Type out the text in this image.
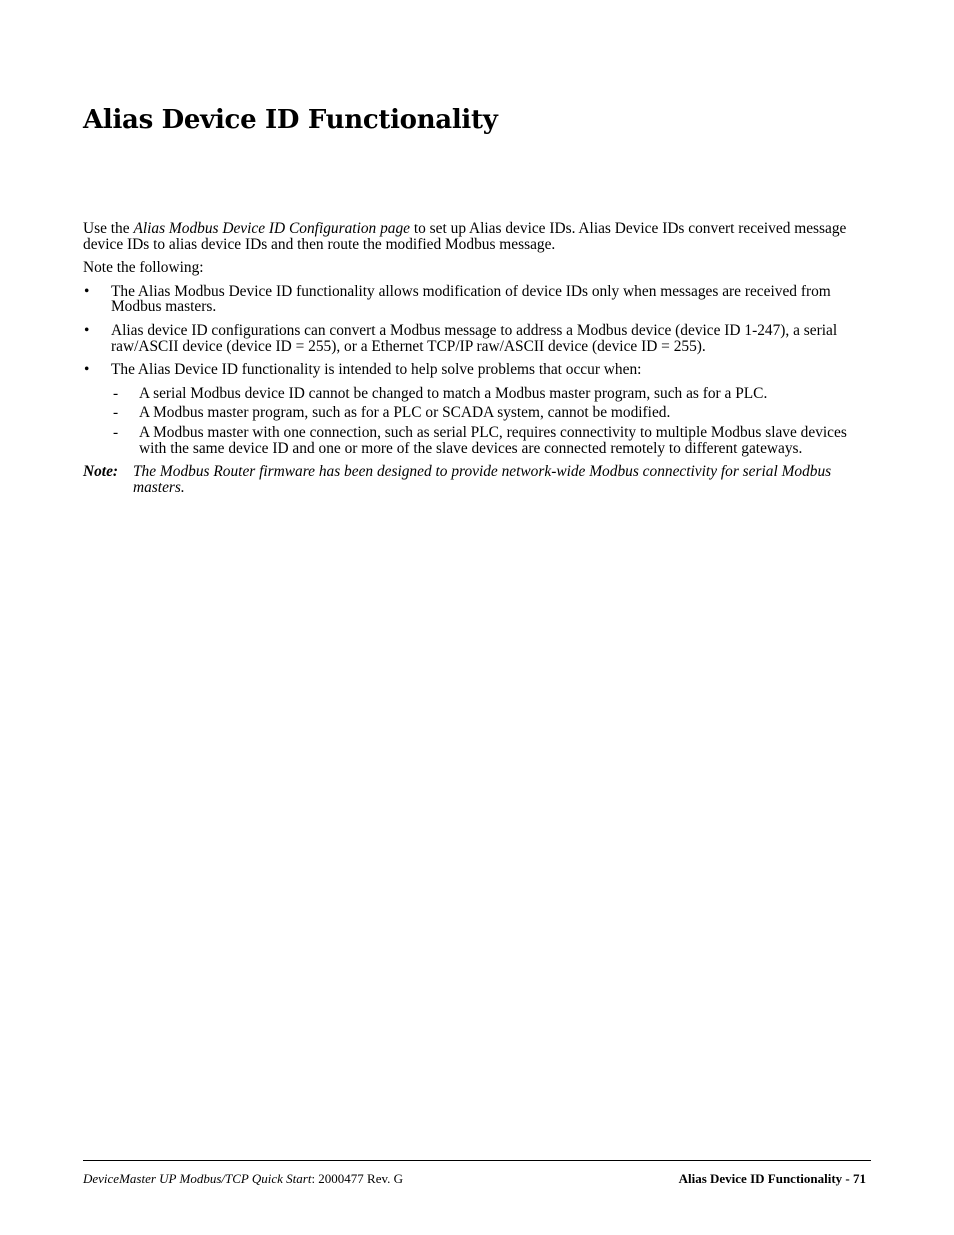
Alias Device ID Functionality

Use the Alias Modbus Device ID Configuration page to set up Alias device IDs. Alias Device IDs convert received message device IDs to alias device IDs and then route the modified Modbus message.

Note the following:

•	The Alias Modbus Device ID functionality allows modification of device IDs only when messages are received from Modbus masters.
•	Alias device ID configurations can convert a Modbus message to address a Modbus device (device ID 1-247), a serial raw/ASCII device (device ID = 255), or a Ethernet TCP/IP raw/ASCII device (device ID = 255).
•	The Alias Device ID functionality is intended to help solve problems that occur when:
- A serial Modbus device ID cannot be changed to match a Modbus master program, such as for a PLC.
- A Modbus master program, such as for a PLC or SCADA system, cannot be modified.
- A Modbus master with one connection, such as serial PLC, requires connectivity to multiple Modbus slave devices with the same device ID and one or more of the slave devices are connected remotely to different gateways.
Note: The Modbus Router firmware has been designed to provide network-wide Modbus connectivity for serial Modbus masters.
DeviceMaster UP Modbus/TCP Quick Start: 2000477 Rev. G	Alias Device ID Functionality - 71
